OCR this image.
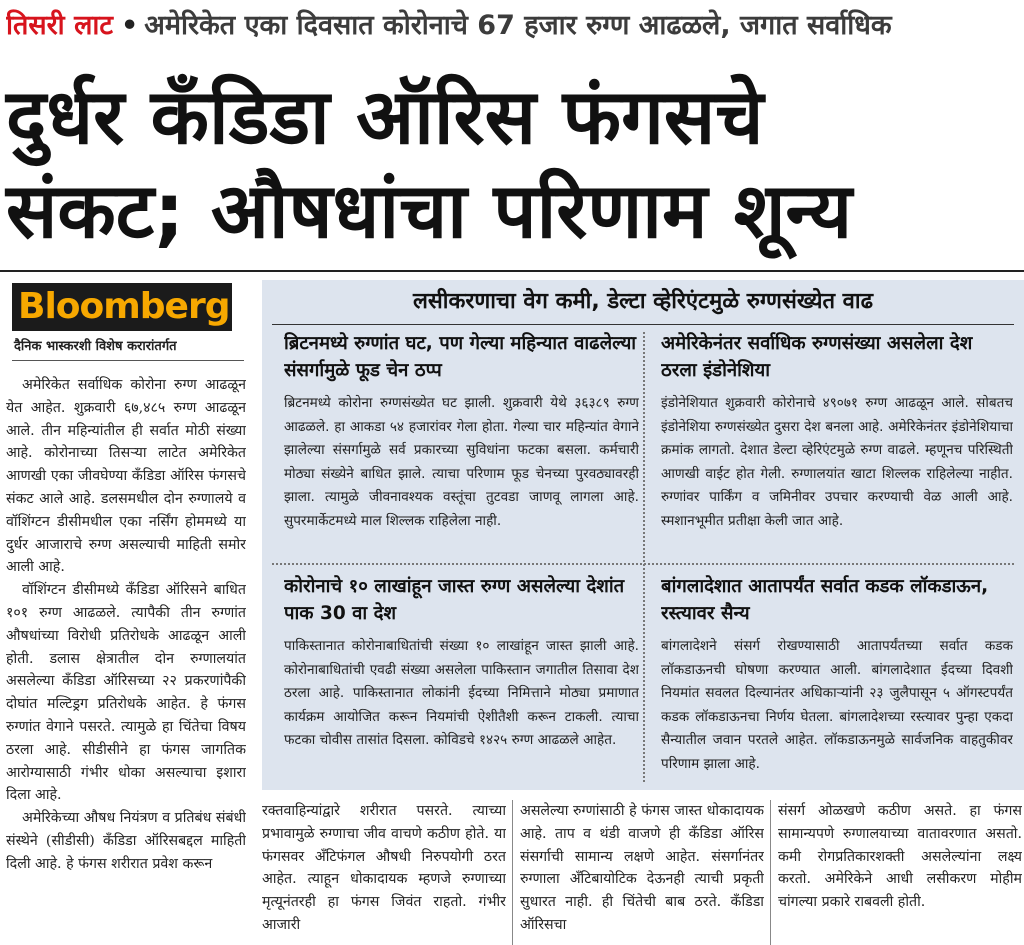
तिसरी लाट • अमेरिकेत एका दिवसात कोरोनाचे 67 हजार रुग्ण आढळले, जगात सर्वाधिक
दुर्धर कँडिडा ऑरिस फंगसचे
संकट; औषधांचा परिणाम शून्य
Bloomberg
दैनिक भास्करशी विशेष करारांतर्गत

अमेरिकेत सर्वाधिक कोरोना रुग्ण आढळून येत आहेत. शुक्रवारी ६७,४८५ रुग्ण आढळून आले. तीन महिन्यांतील ही सर्वात मोठी संख्या आहे. कोरोनाच्या तिसऱ्या लाटेत अमेरिकेत आणखी एका जीवघेण्या कँडिडा ऑरिस फंगसचे संकट आले आहे. डलसमधील दोन रुग्णालये व वॉशिंग्टन डीसीमधील एका नर्सिंग होममध्ये या दुर्धर आजाराचे रुग्ण असल्याची माहिती समोर आली आहे.

वॉशिंग्टन डीसीमध्ये कँडिडा ऑरिसने बाधित १०१ रुग्ण आढळले. त्यापैकी तीन रुग्णांत औषधांच्या विरोधी प्रतिरोधके आढळून आली होती. डलास क्षेत्रातील दोन रुग्णालयांत असलेल्या कँडिडा ऑरिसच्या २२ प्रकरणांपैकी दोघांत मल्टिड्रग प्रतिरोधके आहेत. हे फंगस रुग्णांत वेगाने पसरते. त्यामुळे हा चिंतेचा विषय ठरला आहे. सीडीसीने हा फंगस जागतिक आरोग्यासाठी गंभीर धोका असल्याचा इशारा दिला आहे.

अमेरिकेच्या औषध नियंत्रण व प्रतिबंध संबंधी संस्थेने (सीडीसी) कँडिडा ऑरिसबद्दल माहिती दिली आहे. हे फंगस शरीरात प्रवेश करून

लसीकरणाचा वेग कमी, डेल्टा व्हेरिएंटमुळे रुग्णसंख्येत वाढ
ब्रिटनमध्ये रुग्णांत घट, पण गेल्या महिन्यात वाढलेल्या संसर्गामुळे फूड चेन ठप्प
ब्रिटनमध्ये कोरोना रुग्णसंख्येत घट झाली. शुक्रवारी येथे ३६३८९ रुग्ण आढळले. हा आकडा ५४ हजारांवर गेला होता. गेल्या चार महिन्यांत वेगाने झालेल्या संसर्गामुळे सर्व प्रकारच्या सुविधांना फटका बसला. कर्मचारी मोठ्या संख्येने बाधित झाले. त्याचा परिणाम फूड चेनच्या पुरवठ्यावरही झाला. त्यामुळे जीवनावश्यक वस्तूंचा तुटवडा जाणवू लागला आहे. सुपरमार्केटमध्ये माल शिल्लक राहिलेला नाही.
अमेरिकेनंतर सर्वाधिक रुग्णसंख्या असलेला देश ठरला इंडोनेशिया
इंडोनेशियात शुक्रवारी कोरोनाचे ४९०७१ रुग्ण आढळून आले. सोबतच इंडोनेशिया रुग्णसंख्येत दुसरा देश बनला आहे. अमेरिकेनंतर इंडोनेशियाचा क्रमांक लागतो. देशात डेल्टा व्हेरिएंटमुळे रुग्ण वाढले. म्हणूनच परिस्थिती आणखी वाईट होत गेली. रुग्णालयांत खाटा शिल्लक राहिलेल्या नाहीत. रुग्णांवर पार्किंग व जमिनीवर उपचार करण्याची वेळ आली आहे. स्मशानभूमीत प्रतीक्षा केली जात आहे.
कोरोनाचे १० लाखांहून जास्त रुग्ण असलेल्या देशांत पाक 30 वा देश
पाकिस्तानात कोरोनाबाधितांची संख्या १० लाखांहून जास्त झाली आहे. कोरोनाबाधितांची एवढी संख्या असलेला पाकिस्तान जगातील तिसावा देश ठरला आहे. पाकिस्तानात लोकांनी ईदच्या निमित्ताने मोठ्या प्रमाणात कार्यक्रम आयोजित करून नियमांची ऐशीतैशी करून टाकली. त्याचा फटका चोवीस तासांत दिसला. कोविडचे १४२५ रुग्ण आढळले आहेत.
बांगलादेशात आतापर्यंत सर्वात कडक लॉकडाऊन, रस्त्यावर सैन्य
बांगलादेशने संसर्ग रोखण्यासाठी आतापर्यंतच्या सर्वात कडक लॉकडाऊनची घोषणा करण्यात आली. बांगलादेशात ईदच्या दिवशी नियमांत सवलत दिल्यानंतर अधिकाऱ्यांनी २३ जुलैपासून ५ ऑगस्टपर्यंत कडक लॉकडाऊनचा निर्णय घेतला. बांगलादेशच्या रस्त्यावर पुन्हा एकदा सैन्यातील जवान परतले आहेत. लॉकडाऊनमुळे सार्वजनिक वाहतुकीवर परिणाम झाला आहे.
रक्तवाहिन्यांद्वारे शरीरात पसरते. त्याच्या प्रभावामुळे रुग्णाचा जीव वाचणे कठीण होते. या फंगसवर ॲंटिफंगल औषधी निरुपयोगी ठरत आहेत. त्याहून धोकादायक म्हणजे रुग्णाच्या मृत्यूनंतरही हा फंगस जिवंत राहतो. गंभीर आजारी
असलेल्या रुग्णांसाठी हे फंगस जास्त धोकादायक आहे. ताप व थंडी वाजणे ही कँडिडा ऑरिस संसर्गाची सामान्य लक्षणे आहेत. संसर्गानंतर रुग्णाला ॲंटिबायोटिक देऊनही त्याची प्रकृती सुधारत नाही. ही चिंतेची बाब ठरते. कँडिडा ऑरिसचा
संसर्ग ओळखणे कठीण असते. हा फंगस सामान्यपणे रुग्णालयाच्या वातावरणात असतो. कमी रोगप्रतिकारशक्ती असलेल्यांना लक्ष्य करतो. अमेरिकेने आधी लसीकरण मोहीम चांगल्या प्रकारे राबवली होती.
